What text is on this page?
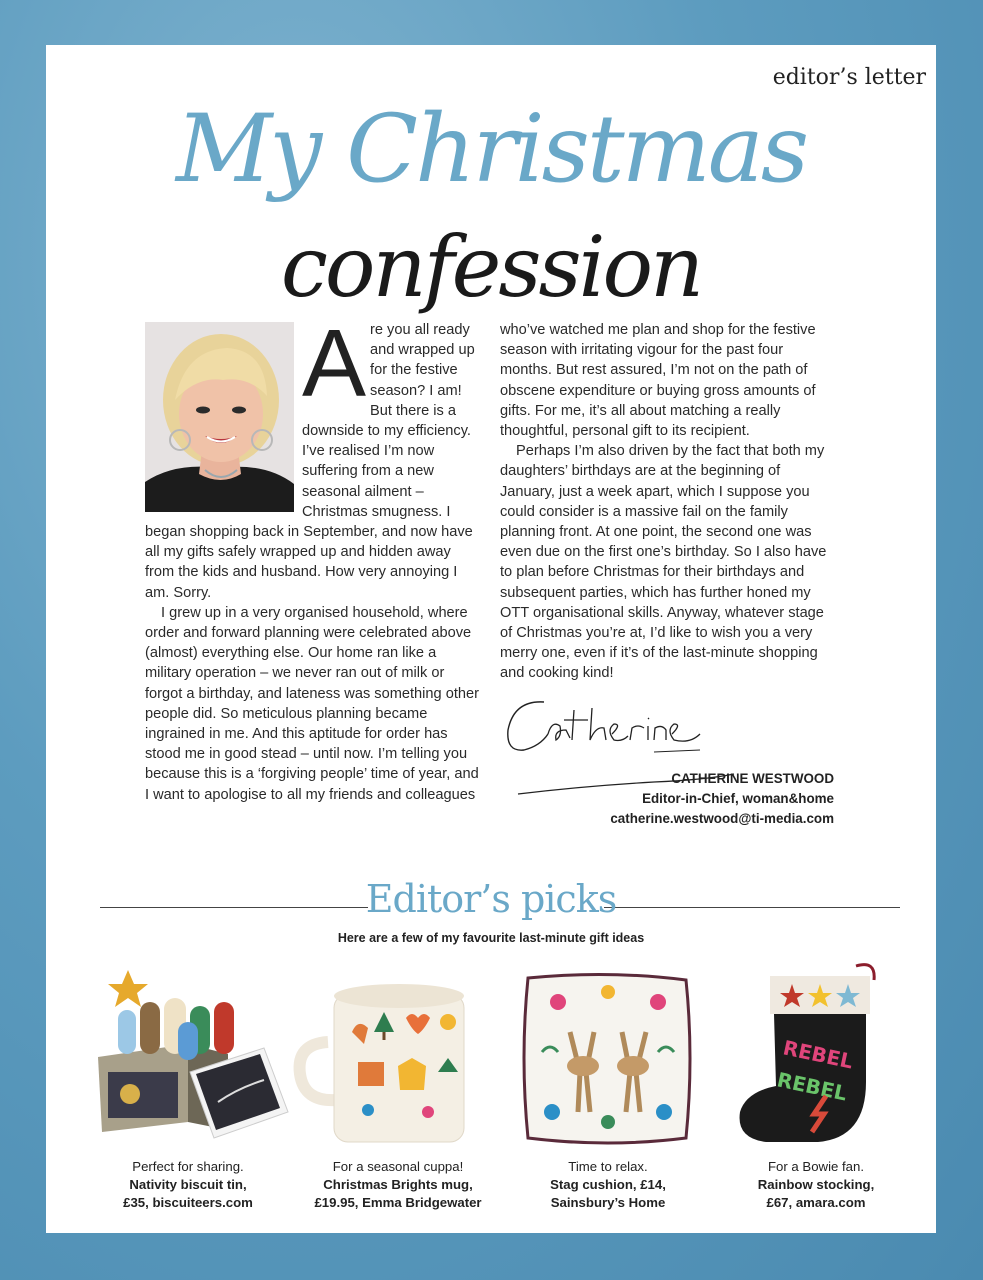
editor’s letter
My Christmas
confession
A re you all ready and wrapped up for the festive season? I am! But there is a downside to my efficiency. I’ve realised I’m now suffering from a new seasonal ailment – Christmas smugness. I began shopping back in September, and now have all my gifts safely wrapped up and hidden away from the kids and husband. How very annoying I am. Sorry.

I grew up in a very organised household, where order and forward planning were celebrated above (almost) everything else. Our home ran like a military operation – we never ran out of milk or forgot a birthday, and lateness was something other people did. So meticulous planning became ingrained in me. And this aptitude for order has stood me in good stead – until now. I’m telling you because this is a ‘forgiving people’ time of year, and I want to apologise to all my friends and colleagues

who’ve watched me plan and shop for the festive season with irritating vigour for the past four months. But rest assured, I’m not on the path of obscene expenditure or buying gross amounts of gifts. For me, it’s all about matching a really thoughtful, personal gift to its recipient.

Perhaps I’m also driven by the fact that both my daughters’ birthdays are at the beginning of January, just a week apart, which I suppose you could consider is a massive fail on the family planning front. At one point, the second one was even due on the first one’s birthday. So I also have to plan before Christmas for their birthdays and subsequent parties, which has further honed my OTT organisational skills. Anyway, whatever stage of Christmas you’re at, I’d like to wish you a very merry one, even if it’s of the last-minute shopping and cooking kind!

CATHERINE WESTWOOD
Editor-in-Chief, woman&home
catherine.westwood@ti-media.com
Editor’s picks
Here are a few of my favourite last-minute gift ideas
Perfect for sharing.
Nativity biscuit tin,
£35, biscuiteers.com
For a seasonal cuppa!
Christmas Brights mug,
£19.95, Emma Bridgewater
Time to relax.
Stag cushion, £14,
Sainsbury’s Home
REBEL
REBEL
For a Bowie fan.
Rainbow stocking,
£67, amara.com
